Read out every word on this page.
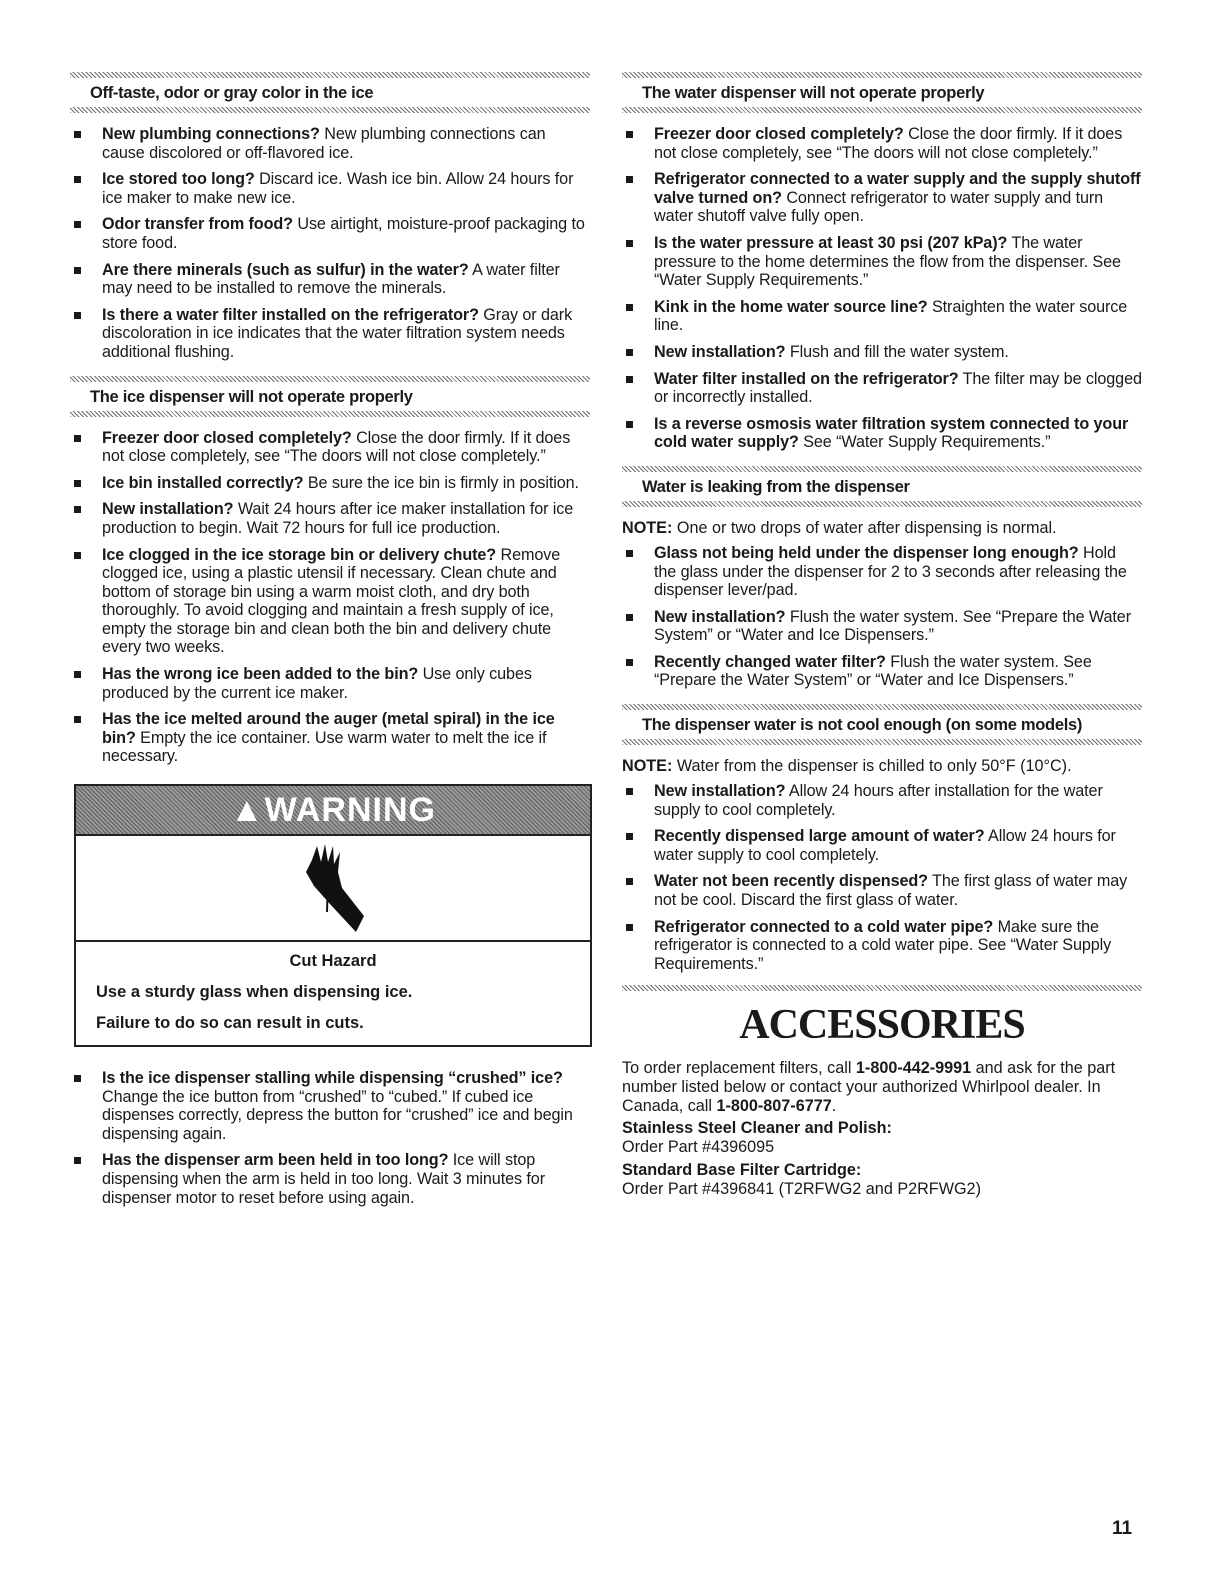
Off-taste, odor or gray color in the ice
New plumbing connections? New plumbing connections can cause discolored or off-flavored ice.
Ice stored too long? Discard ice. Wash ice bin. Allow 24 hours for ice maker to make new ice.
Odor transfer from food? Use airtight, moisture-proof packaging to store food.
Are there minerals (such as sulfur) in the water? A water filter may need to be installed to remove the minerals.
Is there a water filter installed on the refrigerator? Gray or dark discoloration in ice indicates that the water filtration system needs additional flushing.
The ice dispenser will not operate properly
Freezer door closed completely? Close the door firmly. If it does not close completely, see “The doors will not close completely.”
Ice bin installed correctly? Be sure the ice bin is firmly in position.
New installation? Wait 24 hours after ice maker installation for ice production to begin. Wait 72 hours for full ice production.
Ice clogged in the ice storage bin or delivery chute? Remove clogged ice, using a plastic utensil if necessary. Clean chute and bottom of storage bin using a warm moist cloth, and dry both thoroughly. To avoid clogging and maintain a fresh supply of ice, empty the storage bin and clean both the bin and delivery chute every two weeks.
Has the wrong ice been added to the bin? Use only cubes produced by the current ice maker.
Has the ice melted around the auger (metal spiral) in the ice bin? Empty the ice container. Use warm water to melt the ice if necessary.
▲WARNING
Cut Hazard
Use a sturdy glass when dispensing ice.
Failure to do so can result in cuts.
Is the ice dispenser stalling while dispensing “crushed” ice? Change the ice button from “crushed” to “cubed.” If cubed ice dispenses correctly, depress the button for “crushed” ice and begin dispensing again.
Has the dispenser arm been held in too long? Ice will stop dispensing when the arm is held in too long. Wait 3 minutes for dispenser motor to reset before using again.
The water dispenser will not operate properly
Freezer door closed completely? Close the door firmly. If it does not close completely, see “The doors will not close completely.”
Refrigerator connected to a water supply and the supply shutoff valve turned on? Connect refrigerator to water supply and turn water shutoff valve fully open.
Is the water pressure at least 30 psi (207 kPa)? The water pressure to the home determines the flow from the dispenser. See “Water Supply Requirements.”
Kink in the home water source line? Straighten the water source line.
New installation? Flush and fill the water system.
Water filter installed on the refrigerator? The filter may be clogged or incorrectly installed.
Is a reverse osmosis water filtration system connected to your cold water supply? See “Water Supply Requirements.”
Water is leaking from the dispenser
NOTE: One or two drops of water after dispensing is normal.
Glass not being held under the dispenser long enough? Hold the glass under the dispenser for 2 to 3 seconds after releasing the dispenser lever/pad.
New installation? Flush the water system. See “Prepare the Water System” or “Water and Ice Dispensers.”
Recently changed water filter? Flush the water system. See “Prepare the Water System” or “Water and Ice Dispensers.”
The dispenser water is not cool enough (on some models)
NOTE: Water from the dispenser is chilled to only 50°F (10°C).
New installation? Allow 24 hours after installation for the water supply to cool completely.
Recently dispensed large amount of water? Allow 24 hours for water supply to cool completely.
Water not been recently dispensed? The first glass of water may not be cool. Discard the first glass of water.
Refrigerator connected to a cold water pipe? Make sure the refrigerator is connected to a cold water pipe. See “Water Supply Requirements.”
ACCESSORIES
To order replacement filters, call 1-800-442-9991 and ask for the part number listed below or contact your authorized Whirlpool dealer. In Canada, call 1-800-807-6777.
Stainless Steel Cleaner and Polish:
Order Part #4396095
Standard Base Filter Cartridge:
Order Part #4396841 (T2RFWG2 and P2RFWG2)
11
